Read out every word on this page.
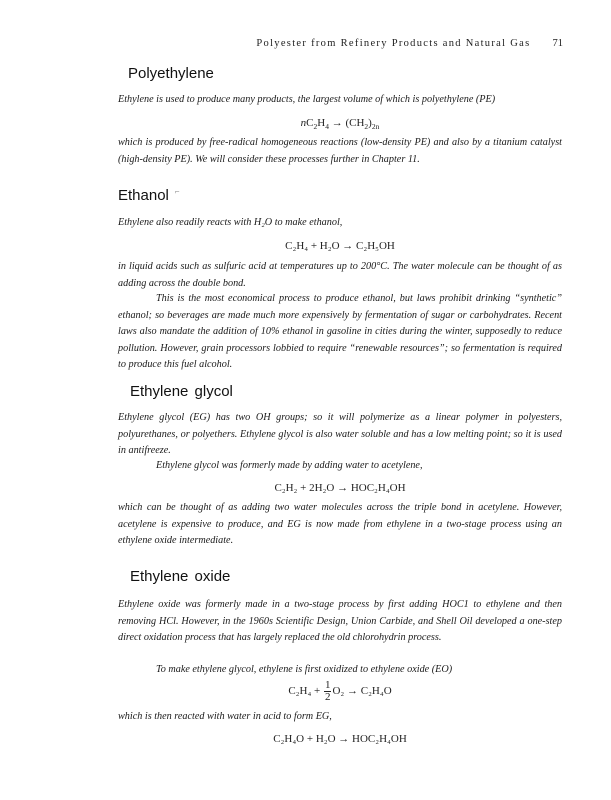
Polyester from Refinery Products and Natural Gas 71
Polyethylene

Ethylene is used to produce many products, the largest volume of which is polyethylene (PE)

$nC_2H_4 \to (CH_2)_{2n}$

which is produced by free-radical homogeneous reactions (low-density PE) and also by a titanium catalyst (high-density PE). We will consider these processes further in Chapter 11.

Ethanol ⌐

Ethylene also readily reacts with H₂O to make ethanol,

C₂H₄ + H₂O → C₂H₅OH

in liquid acids such as sulfuric acid at temperatures up to 200°C. The water molecule can be thought of as adding across the double bond.

This is the most economical process to produce ethanol, but laws prohibit drinking “synthetic” ethanol; so beverages are made much more expensively by fermentation of sugar or carbohydrates. Recent laws also mandate the addition of 10% ethanol in gasoline in cities during the winter, supposedly to reduce pollution. However, grain processors lobbied to require “renewable resources”; so fermentation is required to produce this fuel alcohol.

Ethylene glycol

Ethylene glycol (EG) has two OH groups; so it will polymerize as a linear polymer in polyesters, polyurethanes, or polyethers. Ethylene glycol is also water soluble and has a low melting point; so it is used in antifreeze.

Ethylene glycol was formerly made by adding water to acetylene,

C₂H₂ + 2H₂O → HOC₂H₄OH

which can be thought of as adding two water molecules across the triple bond in acetylene. However, acetylene is expensive to produce, and EG is now made from ethylene in a two-stage process using an ethylene oxide intermediate.

Ethylene oxide

Ethylene oxide was formerly made in a two-stage process by first adding HOC1 to ethylene and then removing HCl. However, in the 1960s Scientific Design, Union Carbide, and Shell Oil developed a one-step direct oxidation process that has largely replaced the old chlorohydrin process.

To make ethylene glycol, ethylene is first oxidized to ethylene oxide (EO)

$C_2H_4 + \frac{1}{2} O_2 \to C_2H_4O$

which is then reacted with water in acid to form EG,

C₂H₄O + H₂O → HOC₂H₄OH
